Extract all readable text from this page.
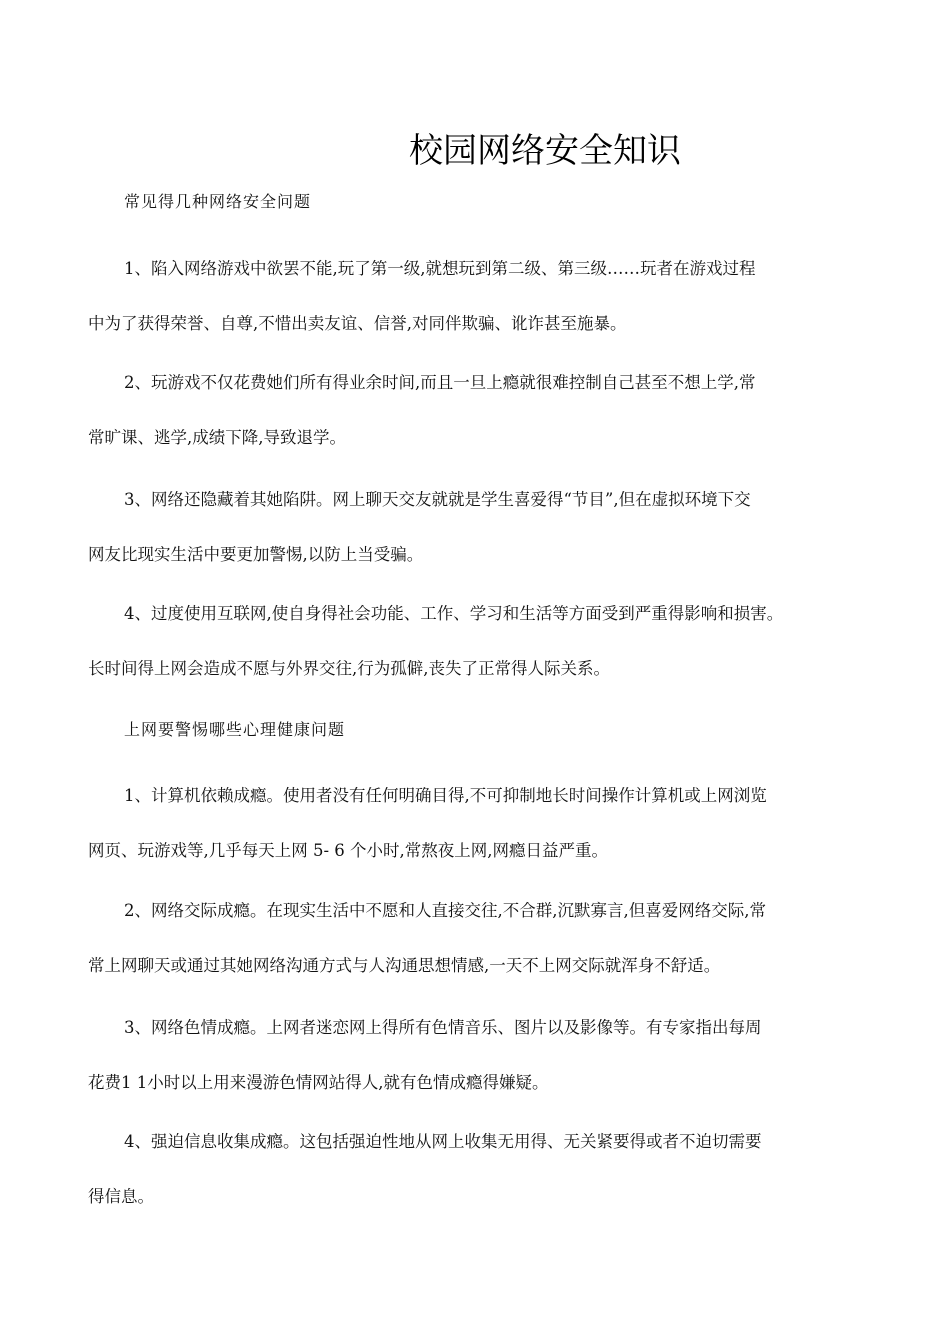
校园网络安全知识
常见得几种网络安全问题
1、陷入网络游戏中欲罢不能,玩了第一级,就想玩到第二级、第三级……玩者在游戏过程
中为了获得荣誉、自尊,不惜出卖友谊、信誉,对同伴欺骗、讹诈甚至施暴。
2、玩游戏不仅花费她们所有得业余时间,而且一旦上瘾就很难控制自己甚至不想上学,常
常旷课、逃学,成绩下降,导致退学。
3、网络还隐藏着其她陷阱。网上聊天交友就就是学生喜爱得“节目”,但在虚拟环境下交
网友比现实生活中要更加警惕,以防上当受骗。
4、过度使用互联网,使自身得社会功能、工作、学习和生活等方面受到严重得影响和损害。
长时间得上网会造成不愿与外界交往,行为孤僻,丧失了正常得人际关系。
上网要警惕哪些心理健康问题
1、计算机依赖成瘾。使用者没有任何明确目得,不可抑制地长时间操作计算机或上网浏览
网页、玩游戏等,几乎每天上网 5- 6 个小时,常熬夜上网,网瘾日益严重。
2、网络交际成瘾。在现实生活中不愿和人直接交往,不合群,沉默寡言,但喜爱网络交际,常
常上网聊天或通过其她网络沟通方式与人沟通思想情感,一天不上网交际就浑身不舒适。
3、网络色情成瘾。上网者迷恋网上得所有色情音乐、图片以及影像等。有专家指出每周
花费1 1小时以上用来漫游色情网站得人,就有色情成瘾得嫌疑。
4、强迫信息收集成瘾。这包括强迫性地从网上收集无用得、无关紧要得或者不迫切需要
得信息。
